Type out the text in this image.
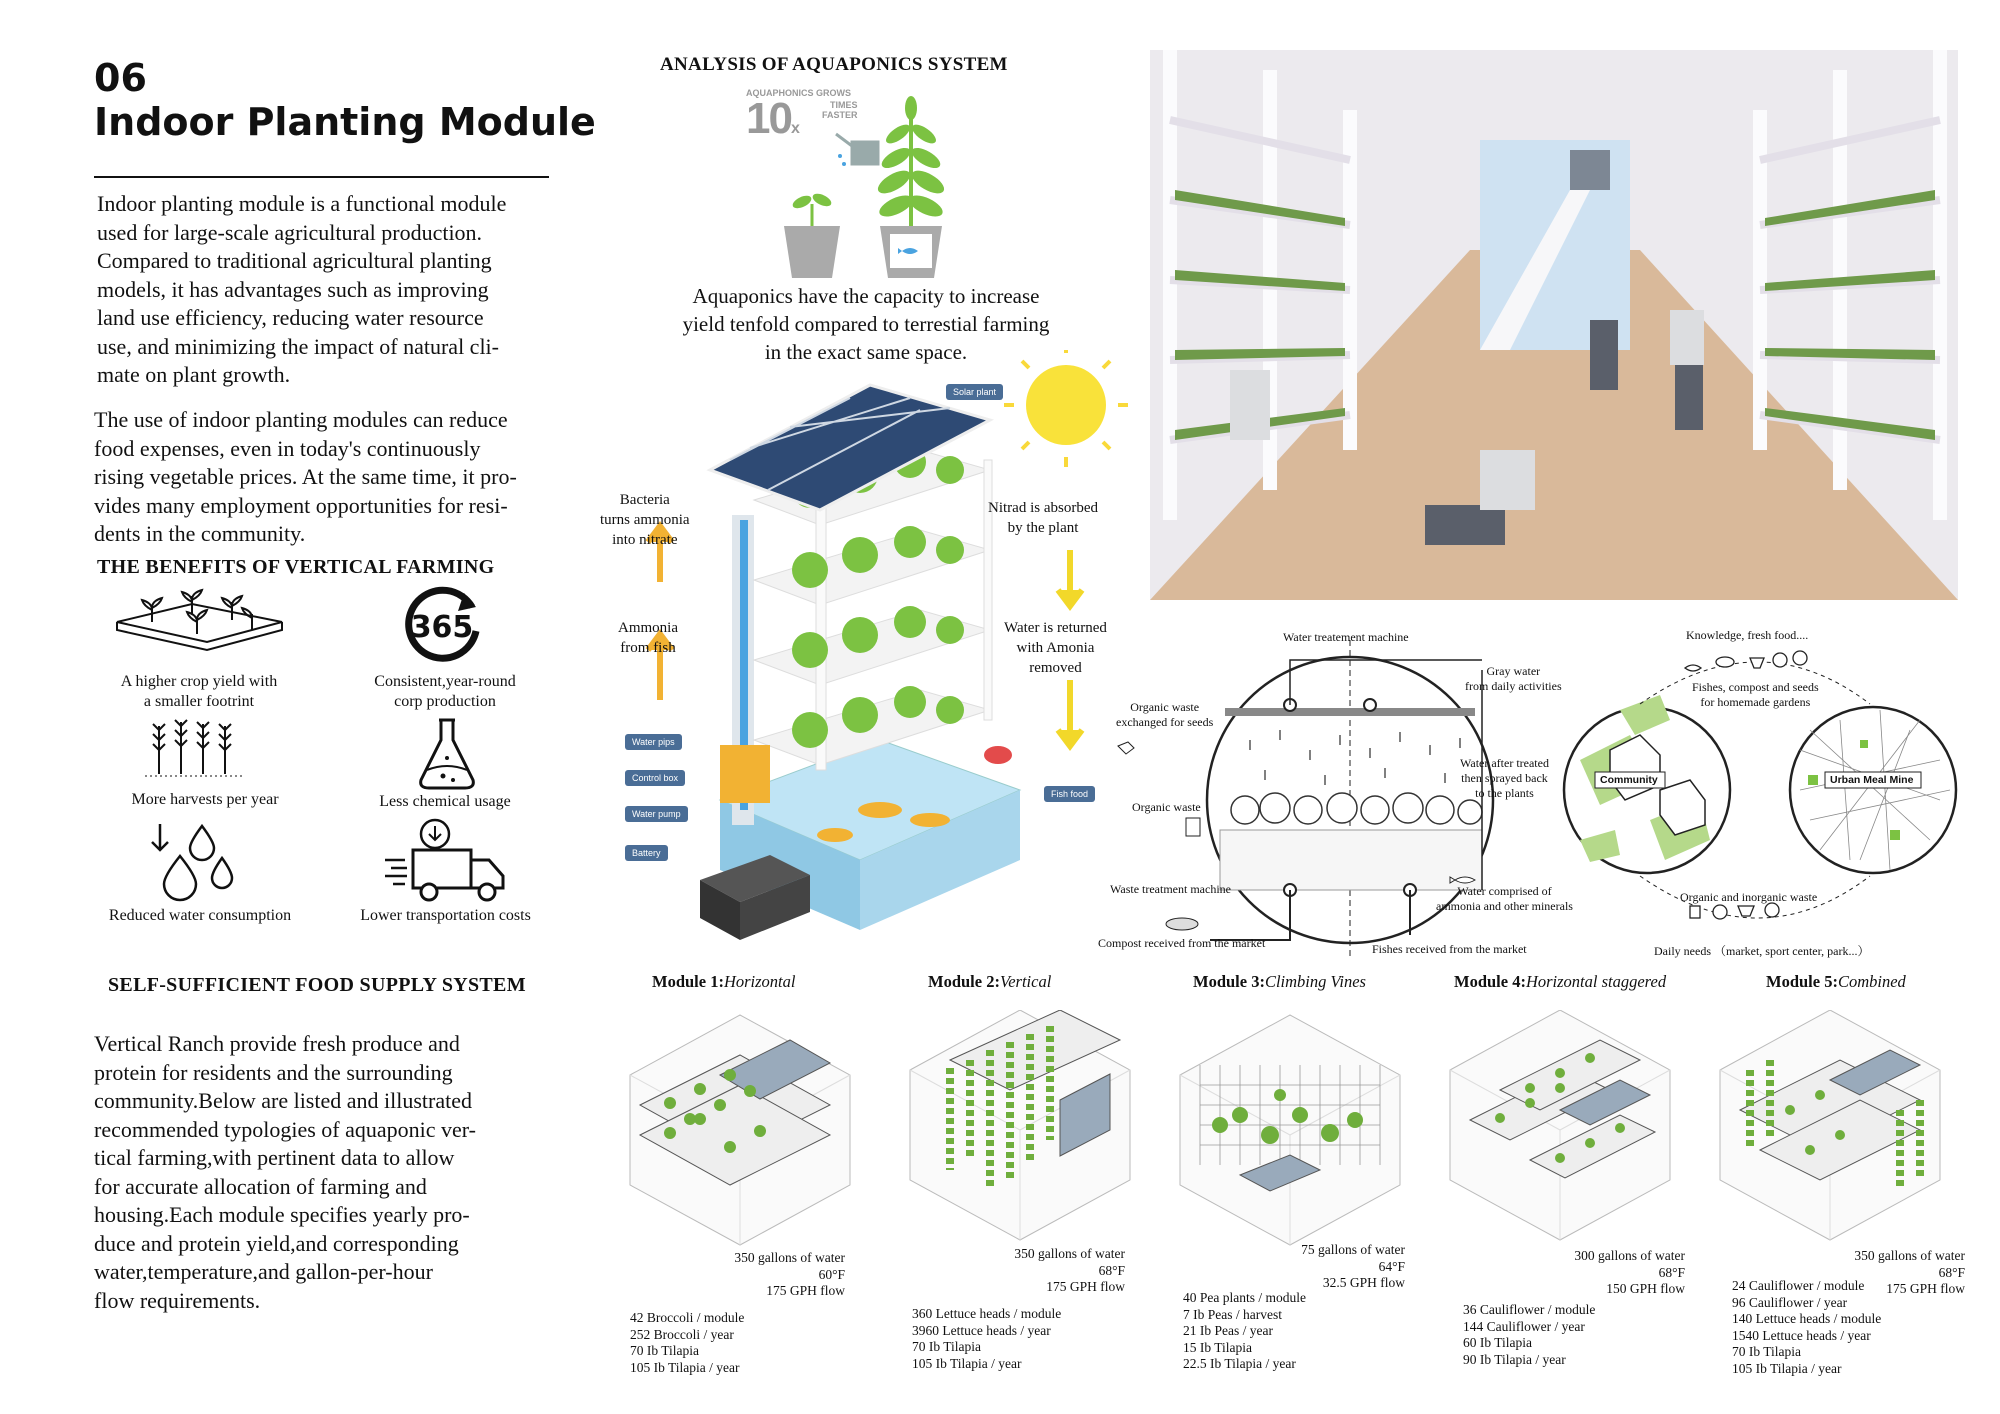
06
Indoor Planting Module
Indoor planting module is a functional module
used for large-scale agricultural production.
Compared to traditional agricultural planting
models, it has advantages such as improving
land use efficiency, reducing water resource
use, and minimizing the impact of natural cli-
mate on plant growth.
The use of indoor planting modules can reduce
food expenses, even in today's continuously
rising vegetable prices. At the same time, it pro-
vides many employment opportunities for resi-
dents in the community.
THE BENEFITS OF VERTICAL FARMING
A higher crop yield with
a smaller footrint
365
Consistent,year-round
corp production
More harvests per year	Less chemical usage
Reduced water consumption	Lower transportation costs
SELF-SUFFICIENT FOOD SUPPLY SYSTEM
Vertical Ranch provide fresh produce and
protein for residents and the surrounding
community.Below are listed and illustrated
recommended typologies of aquaponic ver-
tical farming,with pertinent data to allow
for accurate allocation of farming and
housing.Each module specifies yearly pro-
duce and protein yield,and corresponding
water,temperature,and gallon-per-hour
flow requirements.
ANALYSIS OF AQUAPONICS SYSTEM
AQUAPHONICS GROWS
10x
TIMES
FASTER
Aquaponics have the capacity to increase
yield tenfold compared to terrestial farming
in the exact same space.
Bacteria
turns ammonia
into nitrate
Ammonia
from fish
Nitrad is absorbed
by the plant
Water is returned
with Amonia
removed
Solar plant
Water pips
Control box
Water pump
Battery
Fish food
Water treatement machine
Gray water
from daily activities
Organic waste
exchanged for seeds
Organic waste
Water after treated
then sprayed back
to the plants
Waste treatment machine	Water comprised of
ammonia and other minerals
Compost received from the market	Fishes received from the market
Knowledge, fresh food....
Fishes, compost and seeds
for homemade gardens
Community	Urban Meal Mine
Organic and inorganic waste
Daily needs （market, sport center, park...）
Module 1:Horizontal	Module 2:Vertical	Module 3:Climbing Vines	Module 4:Horizontal staggered	Module 5:Combined
350 gallons of water
60°F
175 GPH flow
42 Broccoli / module
252 Broccoli / year
70 Ib Tilapia
105 Ib Tilapia / year
350 gallons of water
68°F
175 GPH flow
360 Lettuce heads / module
3960 Lettuce heads / year
70 Ib Tilapia
105 Ib Tilapia / year
75 gallons of water
64°F
32.5 GPH flow
40 Pea plants / module
7 Ib Peas / harvest
21 Ib Peas / year
15 Ib Tilapia
22.5 Ib Tilapia / year
300 gallons of water
68°F
150 GPH flow
36 Cauliflower / module
144 Cauliflower / year
60 Ib Tilapia
90 Ib Tilapia / year
350 gallons of water
68°F
175 GPH flow
24 Cauliflower / module
96 Cauliflower / year
140 Lettuce heads / module
1540 Lettuce heads / year
70 Ib Tilapia
105 Ib Tilapia / year
